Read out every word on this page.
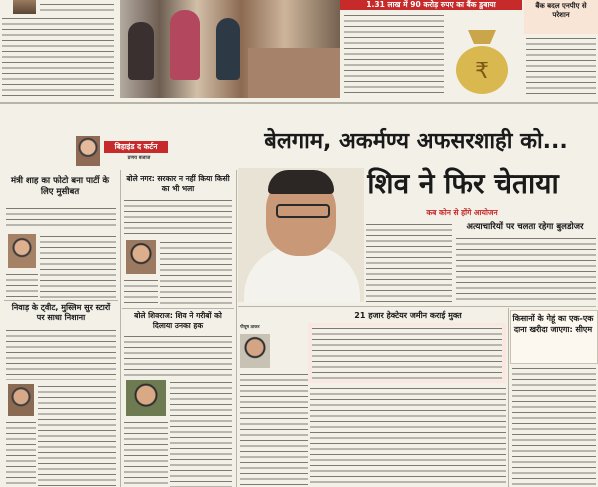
1.31 लाख में 90 करोड़ रुपए का बैंक डुबाया
₹
बैंक बदल एनपीए से परेशान
बिहाइंड द कर्टन
प्रणय बजाज
मंत्री शाह का फोटो बना पार्टी के लिए मुसीबत
निवाड़ के ट्वीट, मुस्लिम सुर स्टारों पर साधा निशाना
बोले नगर: सरकार न नहीं किया किसी का भी भला
बोले शिवराज: शिव ने गरीबों को दिलाया उनका हक
बेलगाम, अकर्मण्य अफसरशाही को...
शिव ने फिर चेताया
कब कोन से होंगे आयोजन
अत्याचारियों पर चलता रहेगा बुलडोजर
पीयूष ठाकर
21 हजार हेक्टेयर जमीन कराई मुक्त	किसानों के गेहूं का एक-एक दाना खरीदा जाएगा: सीएम
